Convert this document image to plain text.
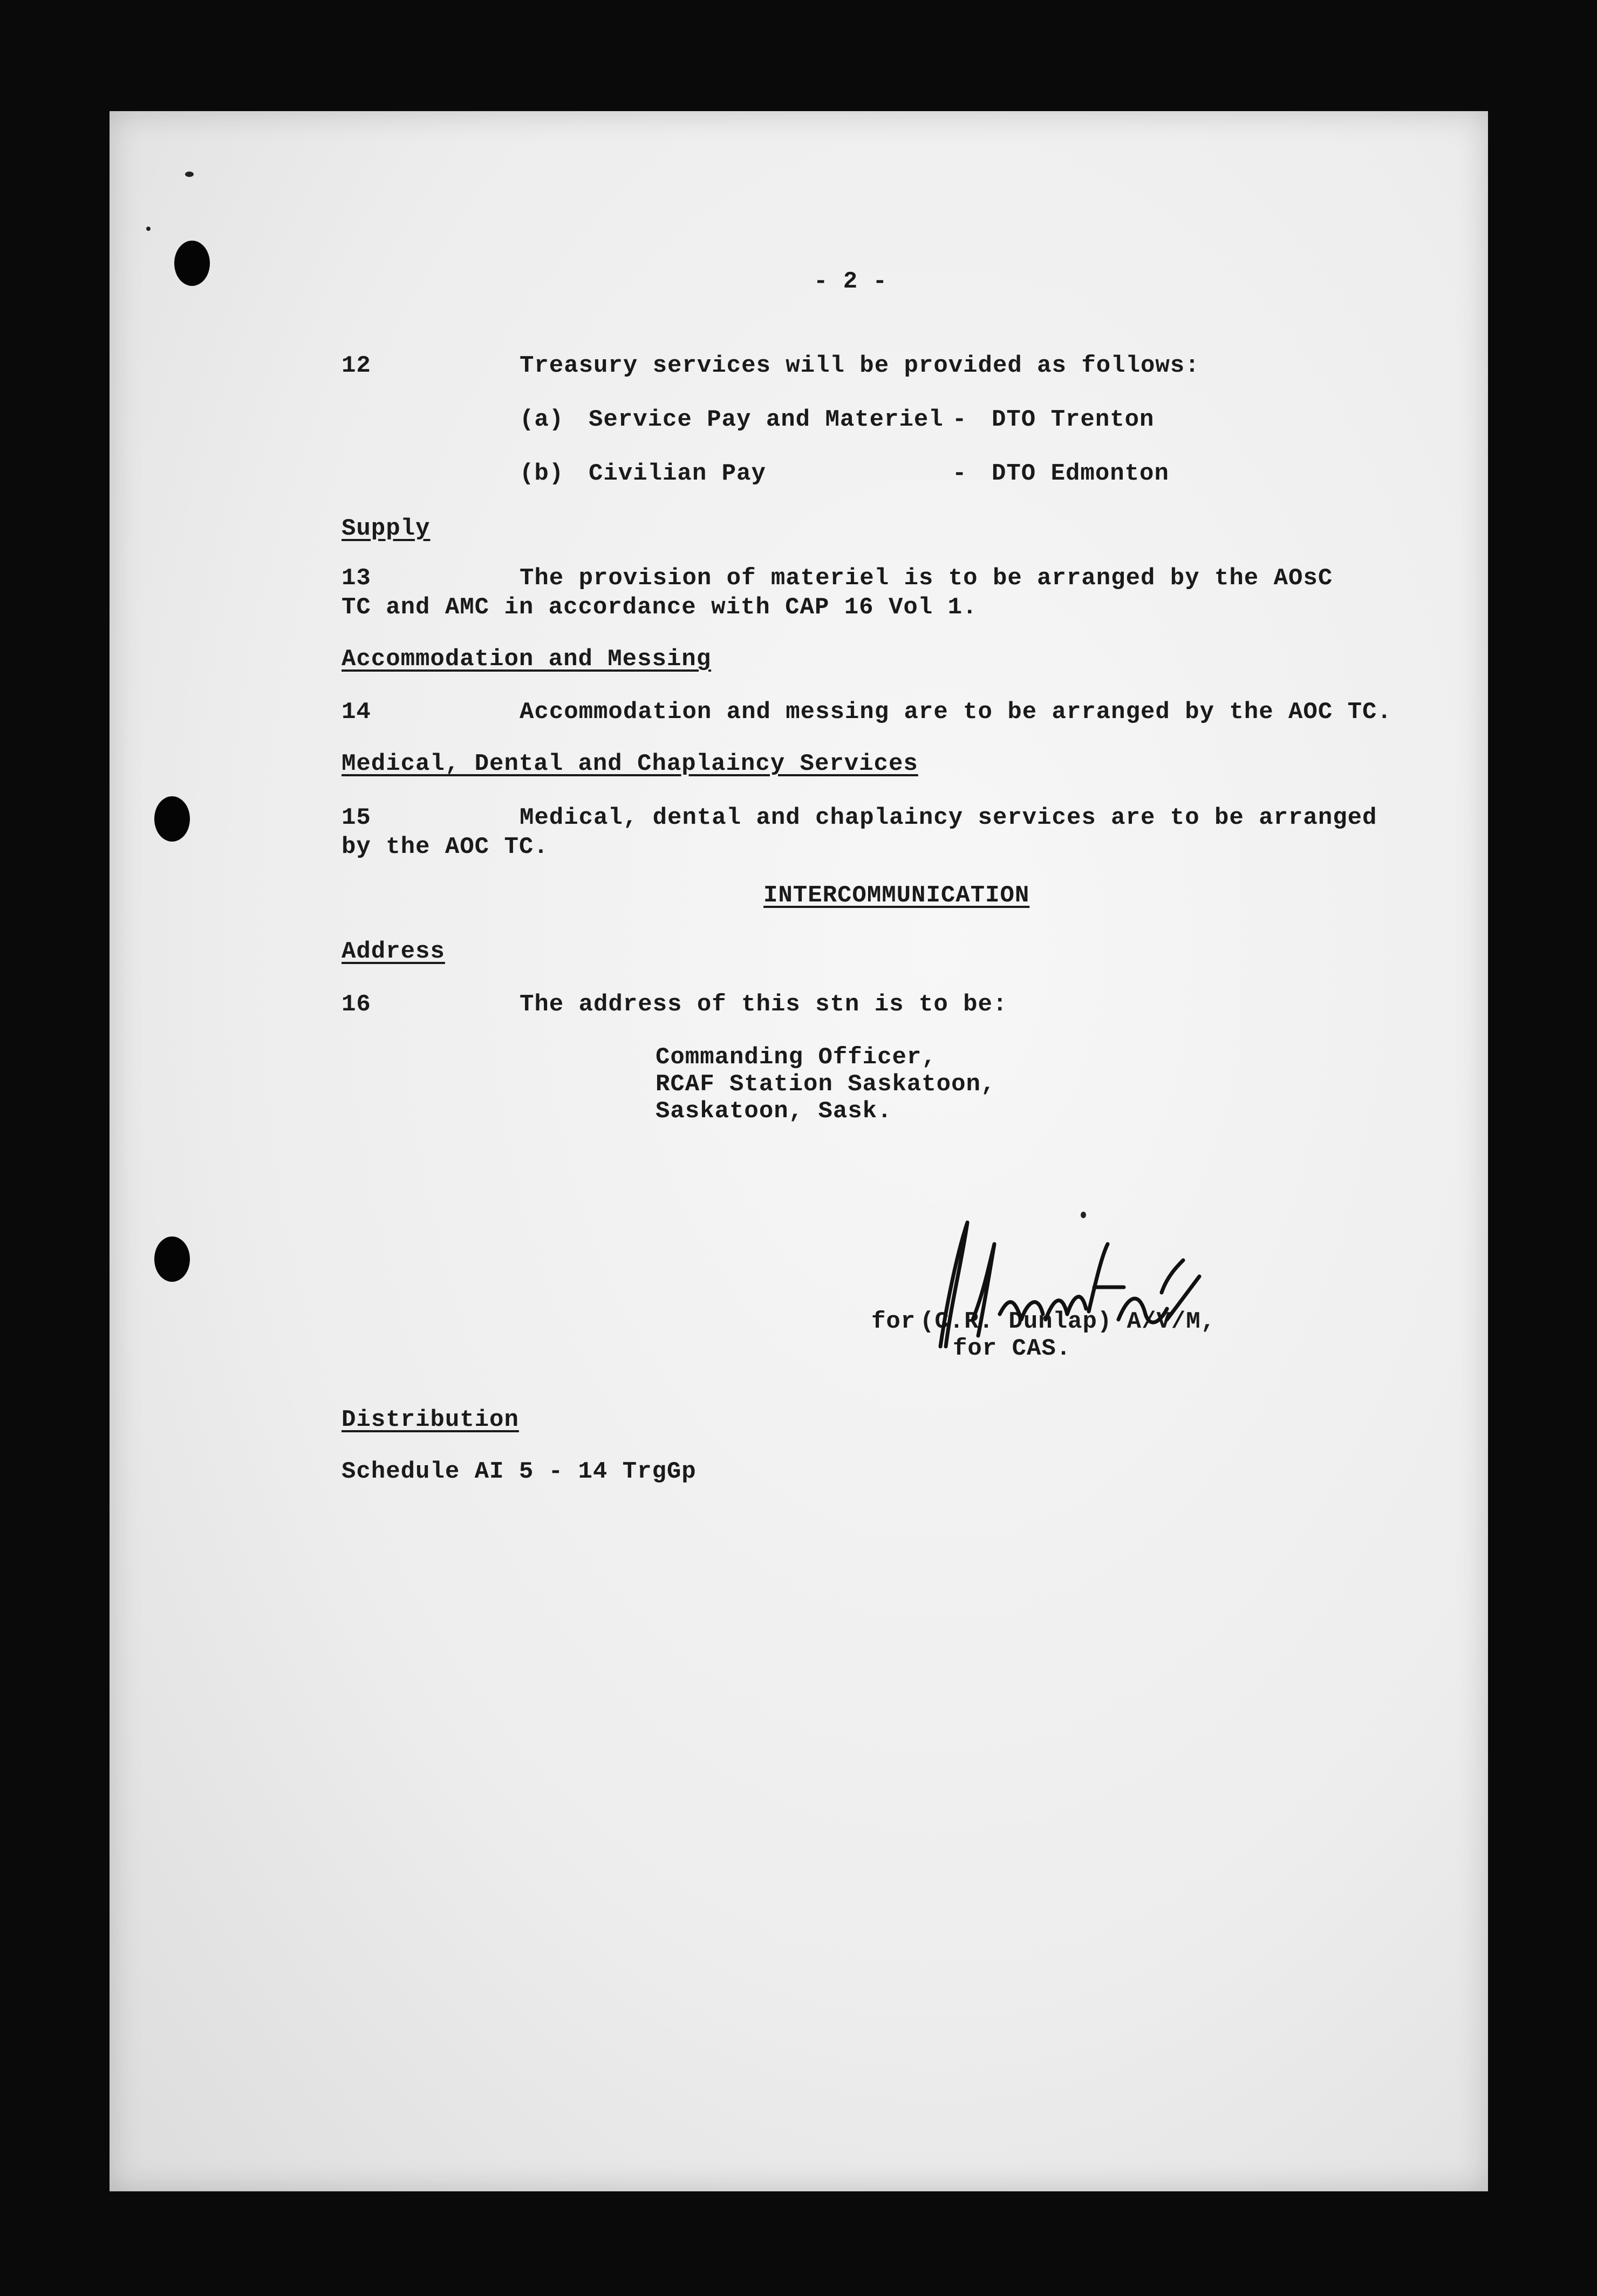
- 2 -
12	Treasury services will be provided as follows:
(a) Service Pay and Materiel - DTO Trenton
(b) Civilian Pay	- DTO Edmonton
Supply
13	The provision of materiel is to be arranged by the AOsC
TC and AMC in accordance with CAP 16 Vol 1.
Accommodation and Messing
14	Accommodation and messing are to be arranged by the AOC TC.
Medical, Dental and Chaplaincy Services
15	Medical, dental and chaplaincy services are to be arranged
by the AOC TC.
INTERCOMMUNICATION
Address
16	The address of this stn is to be:
Commanding Officer,
RCAF Station Saskatoon,
Saskatoon, Sask.
for (C.R. Dunlap) A/V/M,
for CAS.
Distribution
Schedule AI 5 - 14 TrgGp
